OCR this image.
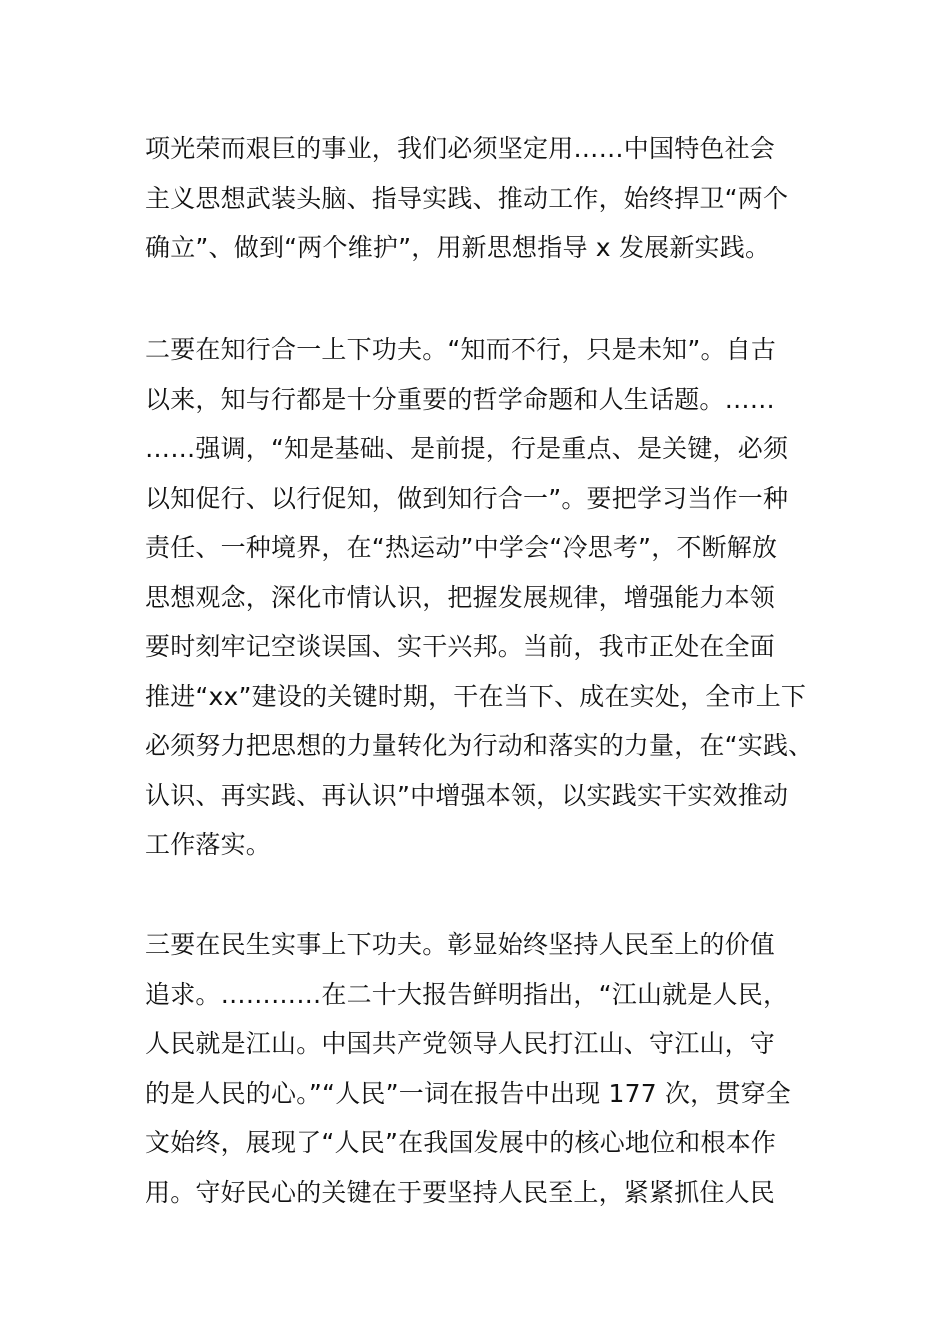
项光荣而艰巨的事业，我们必须坚定用……中国特色社会
主义思想武装头脑、指导实践、推动工作，始终捍卫“两个
确立”、做到“两个维护”，用新思想指导 x 发展新实践。
二要在知行合一上下功夫。“知而不行，只是未知”。自古
以来，知与行都是十分重要的哲学命题和人生话题。……
……强调，“知是基础、是前提，行是重点、是关键，必须
以知促行、以行促知，做到知行合一”。要把学习当作一种
责任、一种境界，在“热运动”中学会“冷思考”，不断解放
思想观念，深化市情认识，把握发展规律，增强能力本领
要时刻牢记空谈误国、实干兴邦。当前，我市正处在全面
推进“xx”建设的关键时期，干在当下、成在实处，全市上下
必须努力把思想的力量转化为行动和落实的力量，在“实践、
认识、再实践、再认识”中增强本领，以实践实干实效推动
工作落实。
三要在民生实事上下功夫。彰显始终坚持人民至上的价值
追求。…………在二十大报告鲜明指出，“江山就是人民，
人民就是江山。中国共产党领导人民打江山、守江山，守
的是人民的心。”“人民”一词在报告中出现 177 次，贯穿全
文始终，展现了“人民”在我国发展中的核心地位和根本作
用。守好民心的关键在于要坚持人民至上，紧紧抓住人民
